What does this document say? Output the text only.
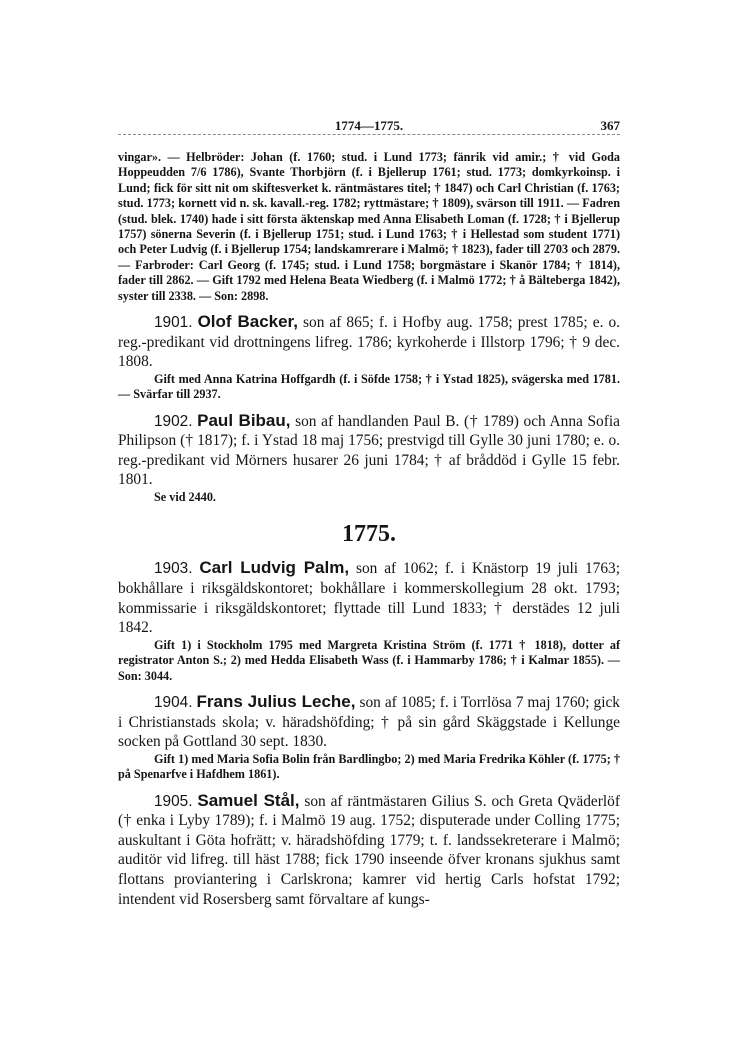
1774—1775.	367

vingar». — Helbröder: Johan (f. 1760; stud. i Lund 1773; fänrik vid amir.; † vid Goda Hoppeudden 7/6 1786), Svante Thorbjörn (f. i Bjellerup 1761; stud. 1773; domkyrkoinsp. i Lund; fick för sitt nit om skiftesverket k. räntmästares titel; † 1847) och Carl Christian (f. 1763; stud. 1773; kornett vid n. sk. kavall.-reg. 1782; ryttmästare; † 1809), svärson till 1911. — Fadren (stud. blek. 1740) hade i sitt första äktenskap med Anna Elisabeth Loman (f. 1728; † i Bjellerup 1757) sönerna Severin (f. i Bjellerup 1751; stud. i Lund 1763; † i Hellestad som student 1771) och Peter Ludvig (f. i Bjellerup 1754; landskamrerare i Malmö; † 1823), fader till 2703 och 2879. — Farbroder: Carl Georg (f. 1745; stud. i Lund 1758; borgmästare i Skanör 1784; † 1814), fader till 2862. — Gift 1792 med Helena Beata Wiedberg (f. i Malmö 1772; † å Bälteberga 1842), syster till 2338. — Son: 2898.

1901. Olof Backer, son af 865; f. i Hofby aug. 1758; prest 1785; e. o. reg.-predikant vid drottningens lifreg. 1786; kyrkoherde i Illstorp 1796; † 9 dec. 1808.

Gift med Anna Katrina Hoffgardh (f. i Söfde 1758; † i Ystad 1825), svägerska med 1781. — Svärfar till 2937.

1902. Paul Bibau, son af handlanden Paul B. († 1789) och Anna Sofia Philipson († 1817); f. i Ystad 18 maj 1756; prestvigd till Gylle 30 juni 1780; e. o. reg.-predikant vid Mörners husarer 26 juni 1784; † af bråddöd i Gylle 15 febr. 1801.

Se vid 2440.

1775.

1903. Carl Ludvig Palm, son af 1062; f. i Knästorp 19 juli 1763; bokhållare i riksgäldskontoret; bokhållare i kommerskollegium 28 okt. 1793; kommissarie i riksgäldskontoret; flyttade till Lund 1833; † derstädes 12 juli 1842.

Gift 1) i Stockholm 1795 med Margreta Kristina Ström (f. 1771 † 1818), dotter af registrator Anton S.; 2) med Hedda Elisabeth Wass (f. i Hammarby 1786; † i Kalmar 1855). — Son: 3044.

1904. Frans Julius Leche, son af 1085; f. i Torrlösa 7 maj 1760; gick i Christianstads skola; v. häradshöfding; † på sin gård Skäggstade i Kellunge socken på Gottland 30 sept. 1830.

Gift 1) med Maria Sofia Bolin från Bardlingbo; 2) med Maria Fredrika Köhler (f. 1775; † på Spenarfve i Hafdhem 1861).

1905. Samuel Stål, son af räntmästaren Gilius S. och Greta Qväderlöf († enka i Lyby 1789); f. i Malmö 19 aug. 1752; disputerade under Colling 1775; auskultant i Göta hofrätt; v. häradshöfding 1779; t. f. landssekreterare i Malmö; auditör vid lifreg. till häst 1788; fick 1790 inseende öfver kronans sjukhus samt flottans proviantering i Carlskrona; kamrer vid hertig Carls hofstat 1792; intendent vid Rosersberg samt förvaltare af kungs-
